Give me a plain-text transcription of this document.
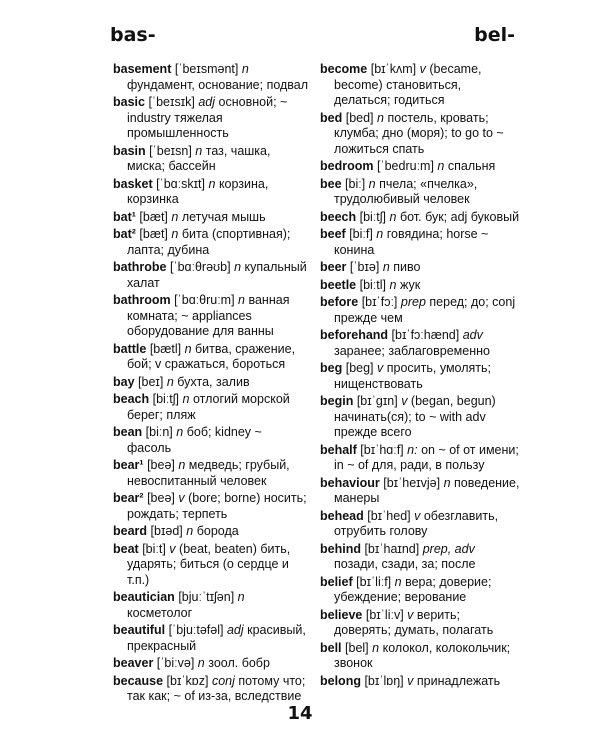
bas-	bel-
basement [ˈbeɪsmənt] n фундамент, основание; подвал
basic [ˈbeɪsɪk] adj основной; ~ industry тяжелая промышленность
basin [ˈbeɪsn] n таз, чашка, миска; бассейн
basket [ˈbɑːskɪt] n корзина, корзинка
bat¹ [bæt] n летучая мышь
bat² [bæt] n бита (спортивная); лапта; дубина
bathrobe [ˈbɑːθrəʊb] n купальный халат
bathroom [ˈbɑːθruːm] n ванная комната; ~ appliances оборудование для ванны
battle [bætl] n битва, сражение, бой; v сражаться, бороться
bay [beɪ] n бухта, залив
beach [biːtʃ] n отлогий морской берег; пляж
bean [biːn] n боб; kidney ~ фасоль
bear¹ [beə] n медведь; грубый, невоспитанный человек
bear² [beə] v (bore; borne) носить; рождать; терпеть
beard [bɪəd] n борода
beat [biːt] v (beat, beaten) бить, ударять; биться (о сердце и т.п.)
beautician [bjuːˈtɪʃən] n косметолог
beautiful [ˈbjuːtəfəl] adj красивый, прекрасный
beaver [ˈbiːvə] n зоол. бобр
because [bɪˈkɒz] conj потому что; так как; ~ of из-за, вследствие
become [bɪˈkʌm] v (became, become) становиться, делаться; годиться
bed [bed] n постель, кровать; клумба; дно (моря); to go to ~ ложиться спать
bedroom [ˈbedruːm] n спальня
bee [biː] n пчела; «пчелка», трудолюбивый человек
beech [biːtʃ] n бот. бук; adj буковый
beef [biːf] n говядина; horse ~ конина
beer [ˈbɪə] n пиво
beetle [biːtl] n жук
before [bɪˈfɔː] prep перед; до; conj прежде чем
beforehand [bɪˈfɔːhænd] adv заранее; заблаговременно
beg [beg] v просить, умолять; нищенствовать
begin [bɪˈgɪn] v (began, begun) начинать(ся); to ~ with adv прежде всего
behalf [bɪˈhɑːf] n: on ~ of от имени; in ~ of для, ради, в пользу
behaviour [bɪˈheɪvjə] n поведение, манеры
behead [bɪˈhed] v обезглавить, отрубить голову
behind [bɪˈhaɪnd] prep, adv позади, сзади, за; после
belief [bɪˈliːf] n вера; доверие; убеждение; верование
believe [bɪˈliːv] v верить; доверять; думать, полагать
bell [bel] n колокол, колокольчик; звонок
belong [bɪˈlɒŋ] v принадлежать
14
